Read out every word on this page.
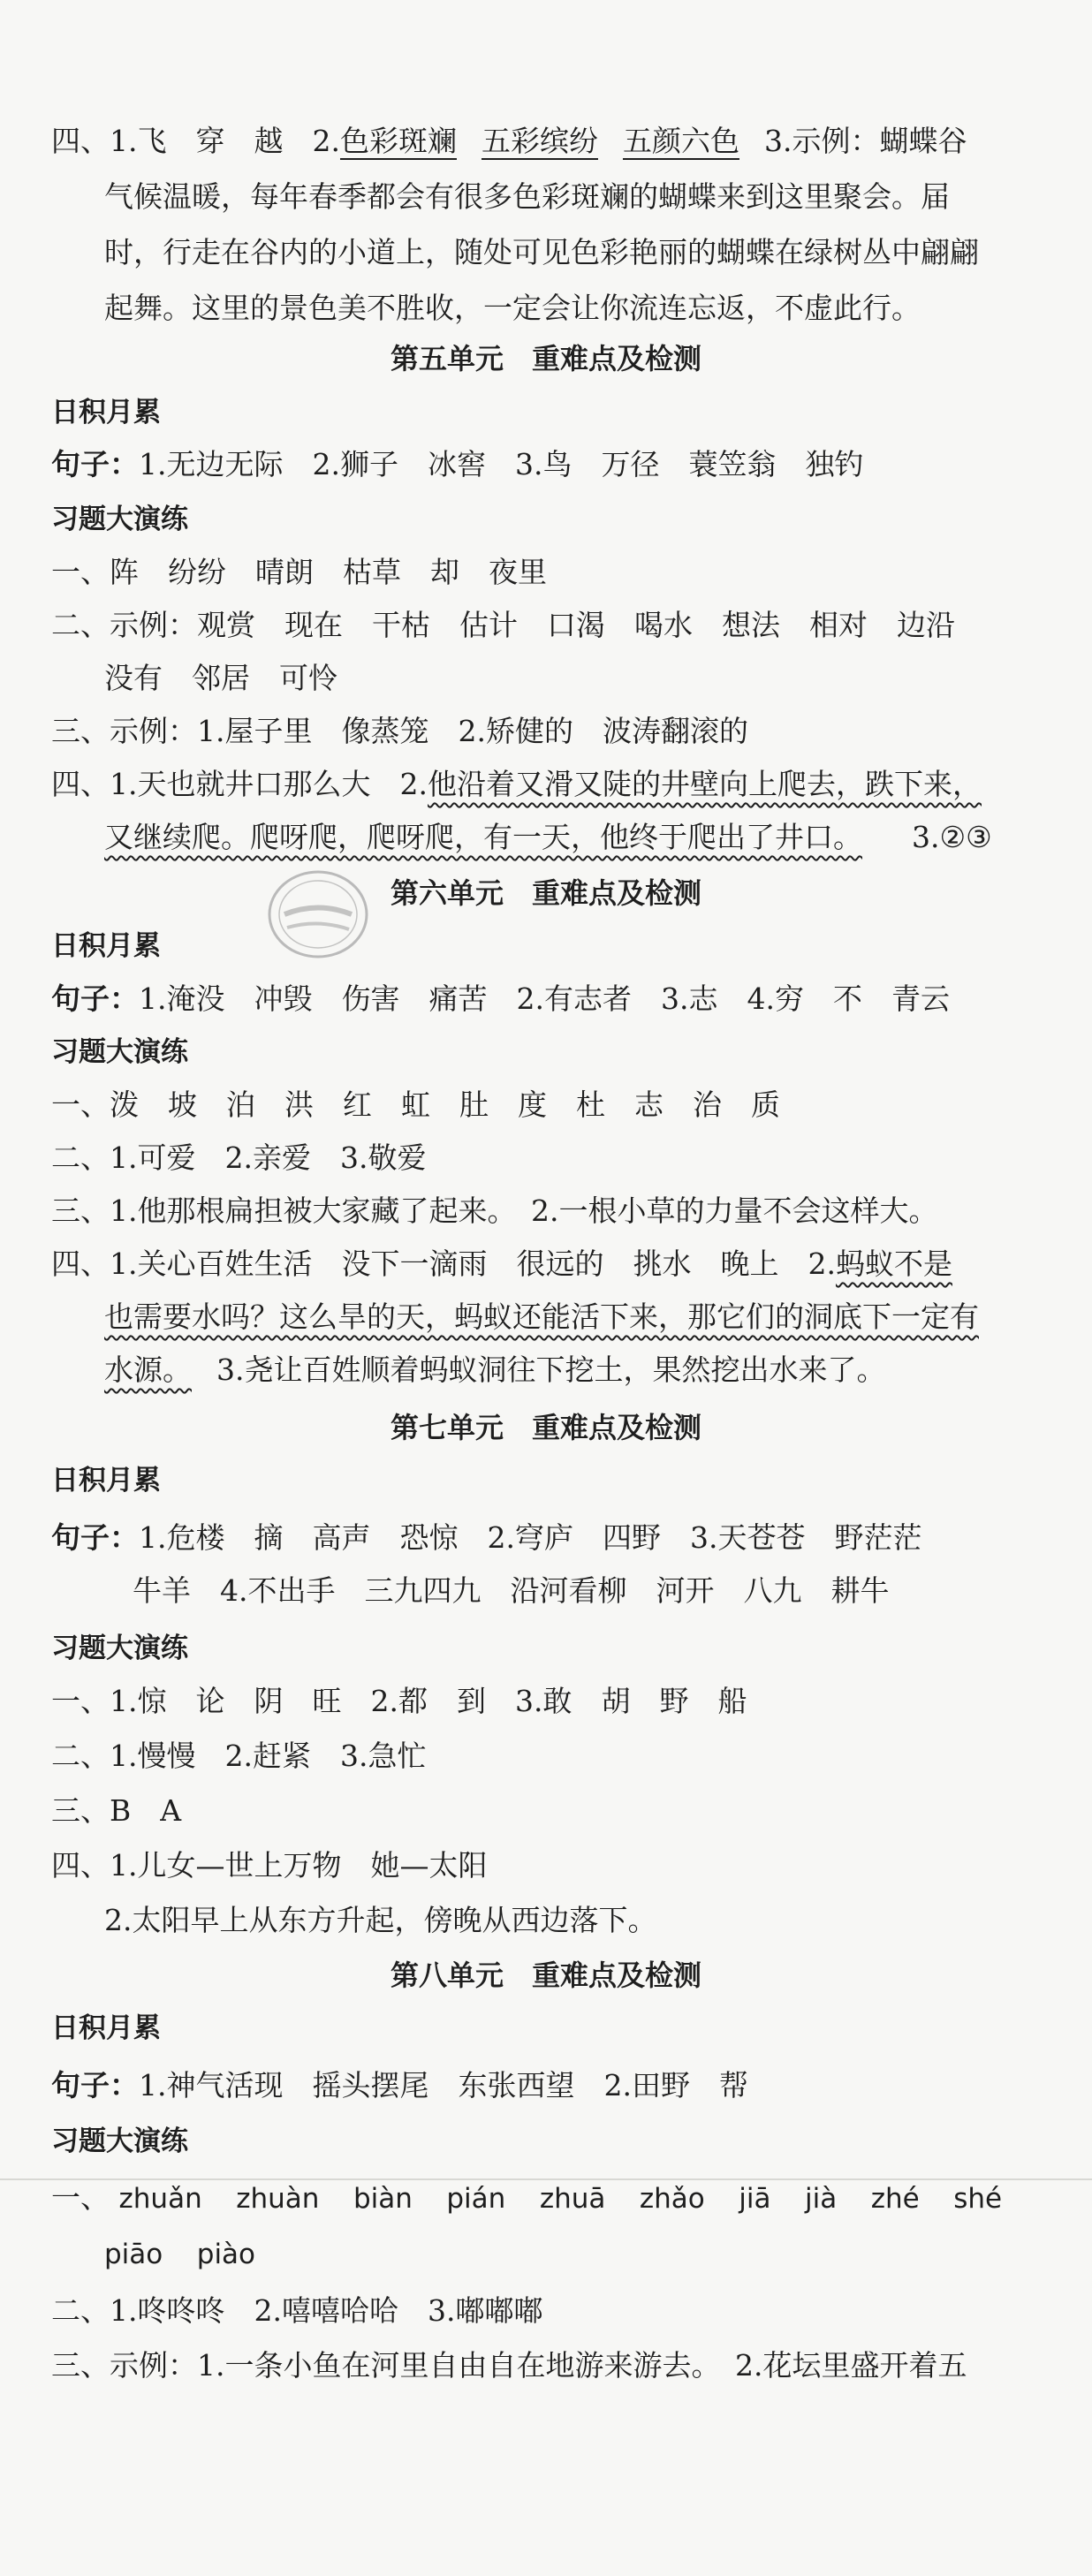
四、1.飞　穿　越　2.色彩斑斓 五彩缤纷 五颜六色 3.示例：蝴蝶谷
气候温暖，每年春季都会有很多色彩斑斓的蝴蝶来到这里聚会。届
时，行走在谷内的小道上，随处可见色彩艳丽的蝴蝶在绿树丛中翩翩
起舞。这里的景色美不胜收，一定会让你流连忘返，不虚此行。
第五单元　重难点及检测
日积月累
句子：1.无边无际　2.狮子　冰窖　3.鸟　万径　蓑笠翁　独钓
习题大演练
一、阵　纷纷　晴朗　枯草　却　夜里
二、示例：观赏　现在　干枯　估计　口渴　喝水　想法　相对　边沿
没有　邻居　可怜
三、示例：1.屋子里　像蒸笼　2.矫健的　波涛翻滚的
四、1.天也就井口那么大　2.他沿着又滑又陡的井壁向上爬去，跌下来，
又继续爬。爬呀爬，爬呀爬，有一天，他终于爬出了井口。 3.②③
第六单元　重难点及检测
日积月累
句子：1.淹没　冲毁　伤害　痛苦　2.有志者　3.志　4.穷　不　青云
习题大演练
一、泼　坡　泊　洪　红　虹　肚　度　杜　志　治　质
二、1.可爱　2.亲爱　3.敬爱
三、1.他那根扁担被大家藏了起来。　2.一根小草的力量不会这样大。
四、1.关心百姓生活　没下一滴雨　很远的　挑水　晚上　2.蚂蚁不是
也需要水吗？这么旱的天，蚂蚁还能活下来，那它们的洞底下一定有
水源。 3.尧让百姓顺着蚂蚁洞往下挖土，果然挖出水来了。
第七单元　重难点及检测
日积月累
句子：1.危楼　摘　高声　恐惊　2.穹庐　四野　3.天苍苍　野茫茫
牛羊　4.不出手　三九四九　沿河看柳　河开　八九　耕牛
习题大演练
一、1.惊　论　阴　旺　2.都　到　3.敢　胡　野　船
二、1.慢慢　2.赶紧　3.急忙
三、B　A
四、1.儿女—世上万物　她—太阳
2.太阳早上从东方升起，傍晚从西边落下。
第八单元　重难点及检测
日积月累
句子：1.神气活现　摇头摆尾　东张西望　2.田野　帮
习题大演练
一、 zhuǎn zhuàn biàn pián zhuā zhǎo jiā jià zhé shé
piāo piào
二、1.咚咚咚　2.嘻嘻哈哈　3.嘟嘟嘟
三、示例：1.一条小鱼在河里自由自在地游来游去。　2.花坛里盛开着五
